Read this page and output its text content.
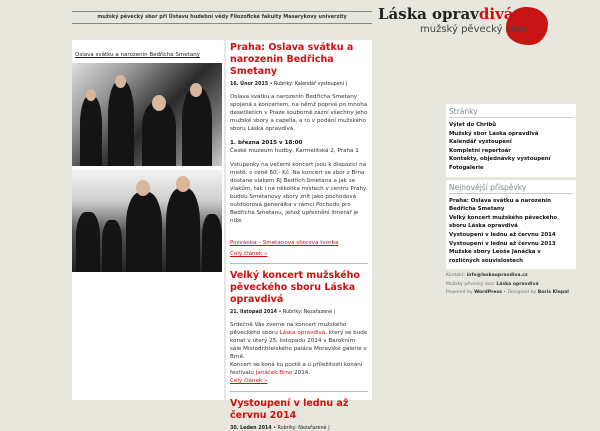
mužský pěvecký sbor při Ústavu hudební vědy Filozofické fakulty Masarykovy univerzity	Láska opravdivá
mužský pěvecký sbor
Oslava svátku a narozenin Bedřicha Smetany
Praha: Oslava svátku a narozenin Bedřicha Smetany
16. Únor 2015 • Rubriky: Kalendář vystoupení |

Oslava svátku a narozenin Bedřicha Smetany spojená s koncertem, na němž poprvé po mnoha desetiletích v Praze souborně zazní všechny jeho mužské sbory a capella, a to v podání mužského sboru Láska opravdivá.

1. března 2015 v 18:00
České muzeum hudby, Karmelitská 2, Praha 1

Vstupenky na večerní koncert jsou k dispozici na místě, v ceně 60,- Kč. Na koncert se sbor z Brna dostane vlakem RJ Bedřich Smetana a jak se vlakům, tak i na několika místech v centru Prahy budou Smetanovy sbory znít jako pochodová outdoorová generálka v rámci Pochodu pro Bedřicha Smetanu, jehož upřesnění itinerář je níže.

Pozvánka – Smetanova sborová tvorba
Celý článek »
Velký koncert mužského pěveckého sboru Láska opravdivá
21. listopad 2014 • Rubriky: Nezařazené |

Srdečně Vás zveme na koncert mužského pěveckého sboru Láska opravdivá, který se bude konat v úterý 25. listopadu 2014 v Barokním sále Místodržitelského paláce Moravské galerie v Brně.
Koncert se koná ku poctě a u příležitosti konání festivalu Janáček Brno 2014.
Celý článek »

Vystoupení v lednu až červnu 2014
30. Leden 2014 • Rubriky: Nezařazené |
Stránky
Výlet do Chribů
Mužský sbor Láska opravdivá
Kalendář vystoupení
Kompletní repertoár
Kontakty, objednávky vystoupení
Fotogalerie
Nejnovější příspěvky
Praha: Oslava svátku a narozenin Bedřicha Smetany
Velký koncert mužského pěveckého sboru Láska opravdivá
Vystoupení v lednu až červnu 2014
Vystoupení v lednu až červnu 2013
Mužské sbory Leoše Janáčka v rozličných souvislostech
Kontakt: info@laskaopravdiva.cz
Mužský pěvecký sbor Láska opravdivá
Powered by WordPress • Designed by Boris Klepal
